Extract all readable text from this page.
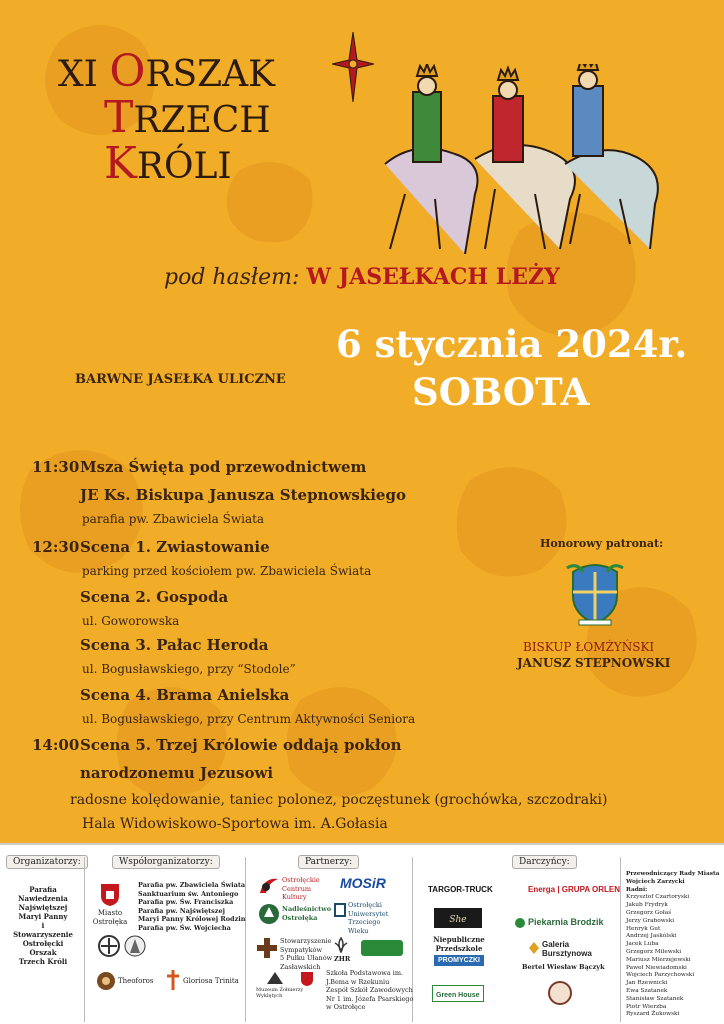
XI ORSZAK
TRZECH
KRÓLI
pod hasłem: W JASEŁKACH LEŻY
6 stycznia 2024r.
SOBOTA
BARWNE JASEŁKA ULICZNE
11:30 Msza Święta pod przewodnictwem
JE Ks. Biskupa Janusza Stepnowskiego
parafia pw. Zbawiciela Świata
12:30 Scena 1. Zwiastowanie
parking przed kościołem pw. Zbawiciela Świata
Scena 2. Gospoda
ul. Goworowska
Scena 3. Pałac Heroda
ul. Bogusławskiego, przy “Stodole”
Scena 4. Brama Anielska
ul. Bogusławskiego, przy Centrum Aktywności Seniora
14:00 Scena 5. Trzej Królowie oddają pokłon
narodzonemu Jezusowi
radosne kolędowanie, taniec polonez, poczęstunek (grochówka, szczodraki)
Hala Widowiskowo-Sportowa im. A.Gołasia
Honorowy patronat:
BISKUP ŁOMŻYŃSKI
JANUSZ STEPNOWSKI
Organizatorzy:	Współorganizatorzy:	Partnerzy:	Darczyńcy:
Parafia
Nawiedzenia
Najświętszej
Maryi Panny
i
Stowarzyszenie
Ostrołęcki
Orszak
Trzech Króli
Miasto
Ostrołęka
Parafia pw. Zbawiciela Świata
Sanktuarium św. Antoniego
Parafia pw. Św. Franciszka
Parafia pw. Najświętszej
Maryi Panny Królowej Rodzin
Parafia pw. Św. Wojciecha
Theoforos	Gloriosa Trinita
Ostrołęckie
Centrum
Kultury
MOSiR
Nadleśnictwo
Ostrołęka
Ostrołęcki
Uniwersytet
Trzeciego
Wieku
Stowarzyszenie
Sympatyków
5 Pułku Ułanów
Zasławskich
ZHR
Muzeum Żołnierzy
Wyklętych
Szkoła Podstawowa im.
J.Bema w Rzekuniu
Zespół Szkół Zawodowych
Nr 1 im. Józefa Psarskiego
w Ostrołęce
TARGOR-TRUCK	Energa | GRUPA ORLEN
She	Piekarnia Brodzik
Niepubliczne
Przedszkole
PROMYCZKI
Galeria
Bursztynowa
Bertel Wiesław Bączyk
Green House
Przewodniczący Rady Miasta
Wojciech Zarzycki
Radni:
Krzysztof Czartoryski
Jakub Frydryk
Grzegorz Gołaś
Jerzy Grabowski
Henryk Gut
Andrzej Jaskólski
Jacek Luba
Grzegorz Milewski
Mariusz Mierzejewski
Paweł Niewiadomski
Wojciech Parzychowski
Jan Rzewnicki
Ewa Szatanek
Stanisław Szatanek
Piotr Wierzba
Ryszard Żukowski
